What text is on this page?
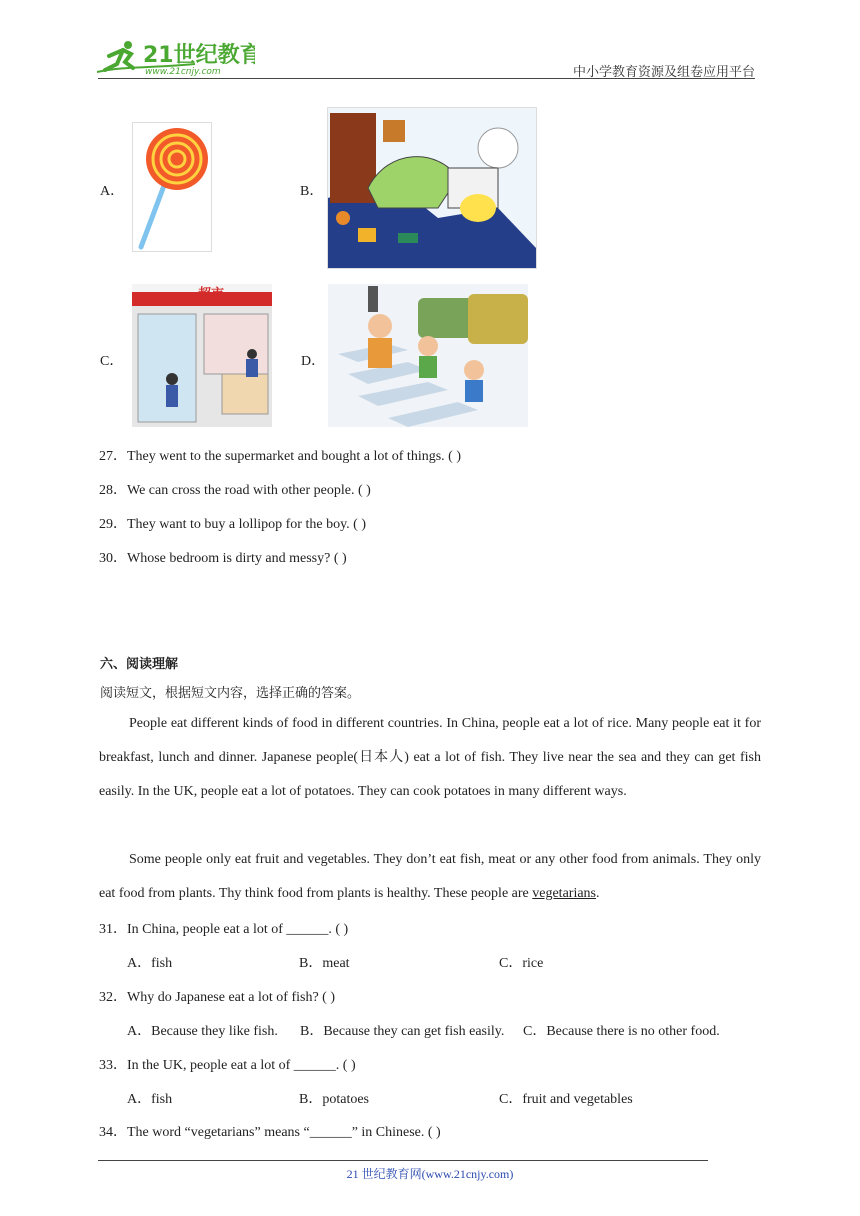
21世纪教育
www.21cnjy.com	中小学教育资源及组卷应用平台
A．	B．
C．
超市
D．
27．They went to the supermarket and bought a lot of things. ( )
28．We can cross the road with other people. ( )
29．They want to buy a lollipop for the boy. ( )
30．Whose bedroom is dirty and messy? ( )
六、阅读理解
阅读短文，根据短文内容，选择正确的答案。
People eat different kinds of food in different countries. In China, people eat a lot of rice. Many people eat it for breakfast, lunch and dinner. Japanese people(日本人) eat a lot of fish. They live near the sea and they can get fish easily. In the UK, people eat a lot of potatoes. They can cook potatoes in many different ways.
Some people only eat fruit and vegetables. They don’t eat fish, meat or any other food from animals. They only eat food from plants. Thy think food from plants is healthy. These people are vegetarians.
31．In China, people eat a lot of ______. ( )
A．fish	B．meat	C．rice
32．Why do Japanese eat a lot of fish? ( )
A．Because they like fish. B．Because they can get fish easily. C．Because there is no other food.
33．In the UK, people eat a lot of ______. ( )
A．fish	B．potatoes	C．fruit and vegetables
34．The word “vegetarians” means “______” in Chinese. ( )
21 世纪教育网(www.21cnjy.com)
